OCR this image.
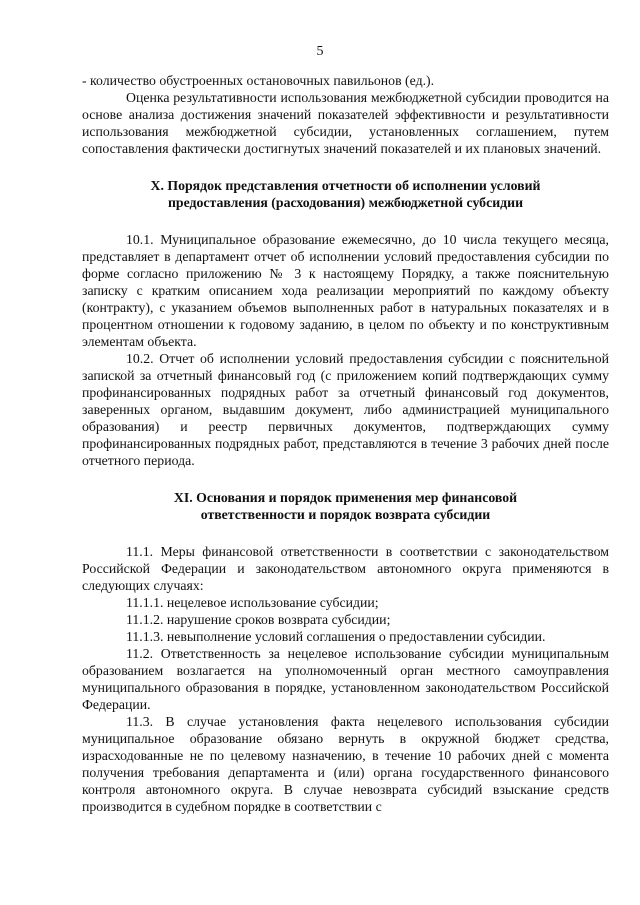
5

- количество обустроенных остановочных павильонов (ед.).

Оценка результативности использования межбюджетной субсидии проводится на основе анализа достижения значений показателей эффективности и результативности использования межбюджетной субсидии, установленных соглашением, путем сопоставления фактически достигнутых значений показателей и их плановых значений.

X. Порядок представления отчетности об исполнении условий

предоставления (расходования) межбюджетной субсидии

10.1. Муниципальное образование ежемесячно, до 10 числа текущего месяца, представляет в департамент отчет об исполнении условий предоставления субсидии по форме согласно приложению № 3 к настоящему Порядку, а также пояснительную записку с кратким описанием хода реализации мероприятий по каждому объекту (контракту), с указанием объемов выполненных работ в натуральных показателях и в процентном отношении к годовому заданию, в целом по объекту и по конструктивным элементам объекта.

10.2. Отчет об исполнении условий предоставления субсидии с пояснительной запиской за отчетный финансовый год (с приложением копий подтверждающих сумму профинансированных подрядных работ за отчетный финансовый год документов, заверенных органом, выдавшим документ, либо администрацией муниципального образования) и реестр первичных документов, подтверждающих сумму профинансированных подрядных работ, представляются в течение 3 рабочих дней после отчетного периода.

XI. Основания и порядок применения мер финансовой

ответственности и порядок возврата субсидии

11.1. Меры финансовой ответственности в соответствии с законодательством Российской Федерации и законодательством автономного округа применяются в следующих случаях:

11.1.1. нецелевое использование субсидии;

11.1.2. нарушение сроков возврата субсидии;

11.1.3. невыполнение условий соглашения о предоставлении субсидии.

11.2. Ответственность за нецелевое использование субсидии муниципальным образованием возлагается на уполномоченный орган местного самоуправления муниципального образования в порядке, установленном законодательством Российской Федерации.

11.3. В случае установления факта нецелевого использования субсидии муниципальное образование обязано вернуть в окружной бюджет средства, израсходованные не по целевому назначению, в течение 10 рабочих дней с момента получения требования департамента и (или) органа государственного финансового контроля автономного округа. В случае невозврата субсидий взыскание средств производится в судебном порядке в соответствии с
